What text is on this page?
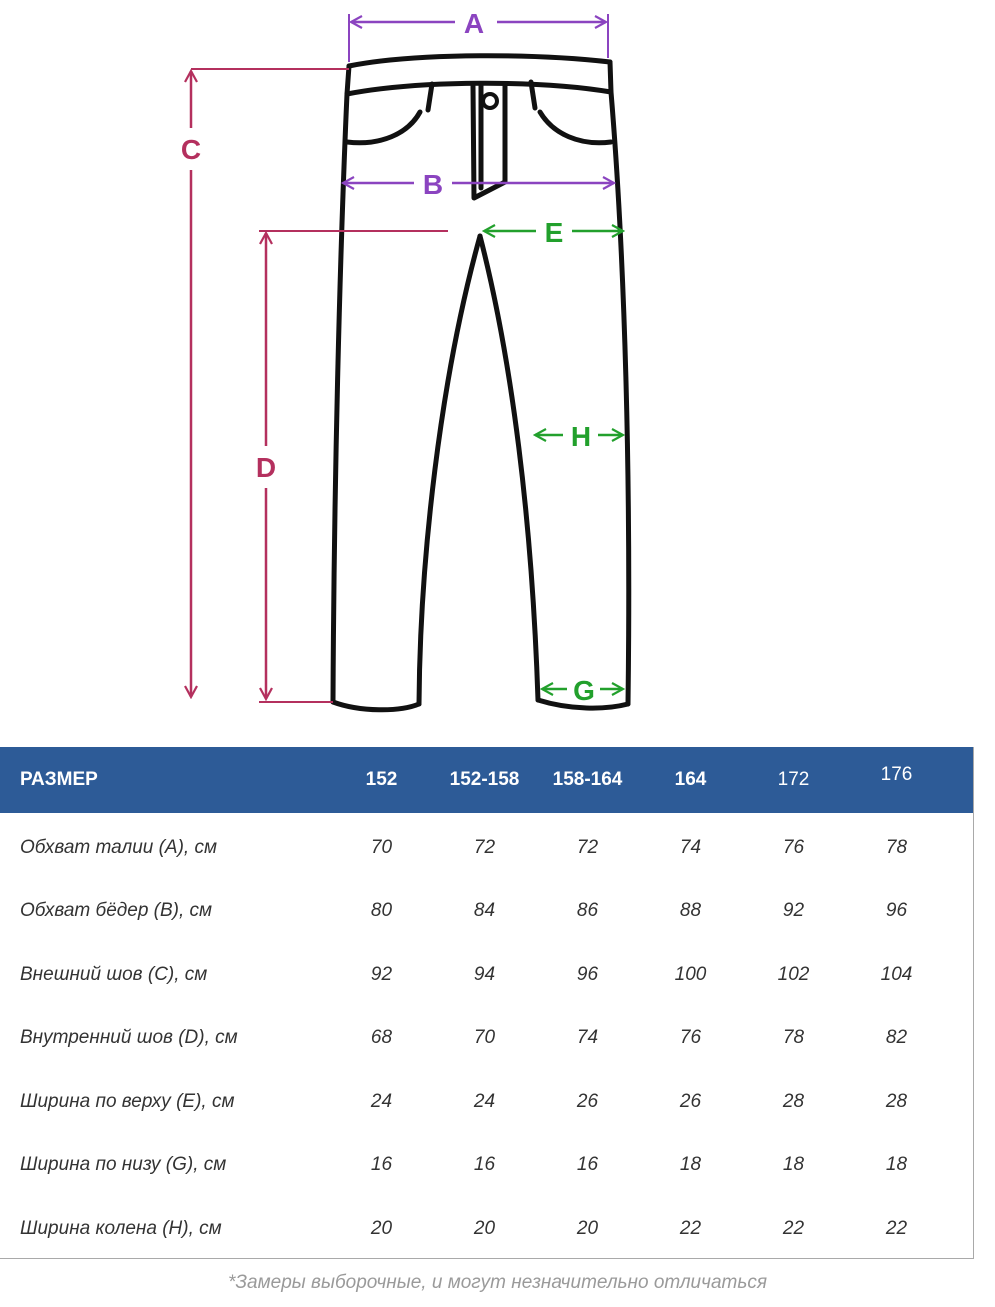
A
B
C
D
E
H
G
РАЗМЕР	152	152-158	158-164	164	172	176
Обхват талии (А), см	70	72	72	74	76	78
Обхват бёдер (В), см	80	84	86	88	92	96
Внешний шов (С), см	92	94	96	100	102	104
Внутренний шов (D), см	68	70	74	76	78	82
Ширина по верху (E), см	24	24	26	26	28	28
Ширина по низу (G), см	16	16	16	18	18	18
Ширина колена (H), см	20	20	20	22	22	22
*Замеры выборочные, и могут незначительно отличаться
